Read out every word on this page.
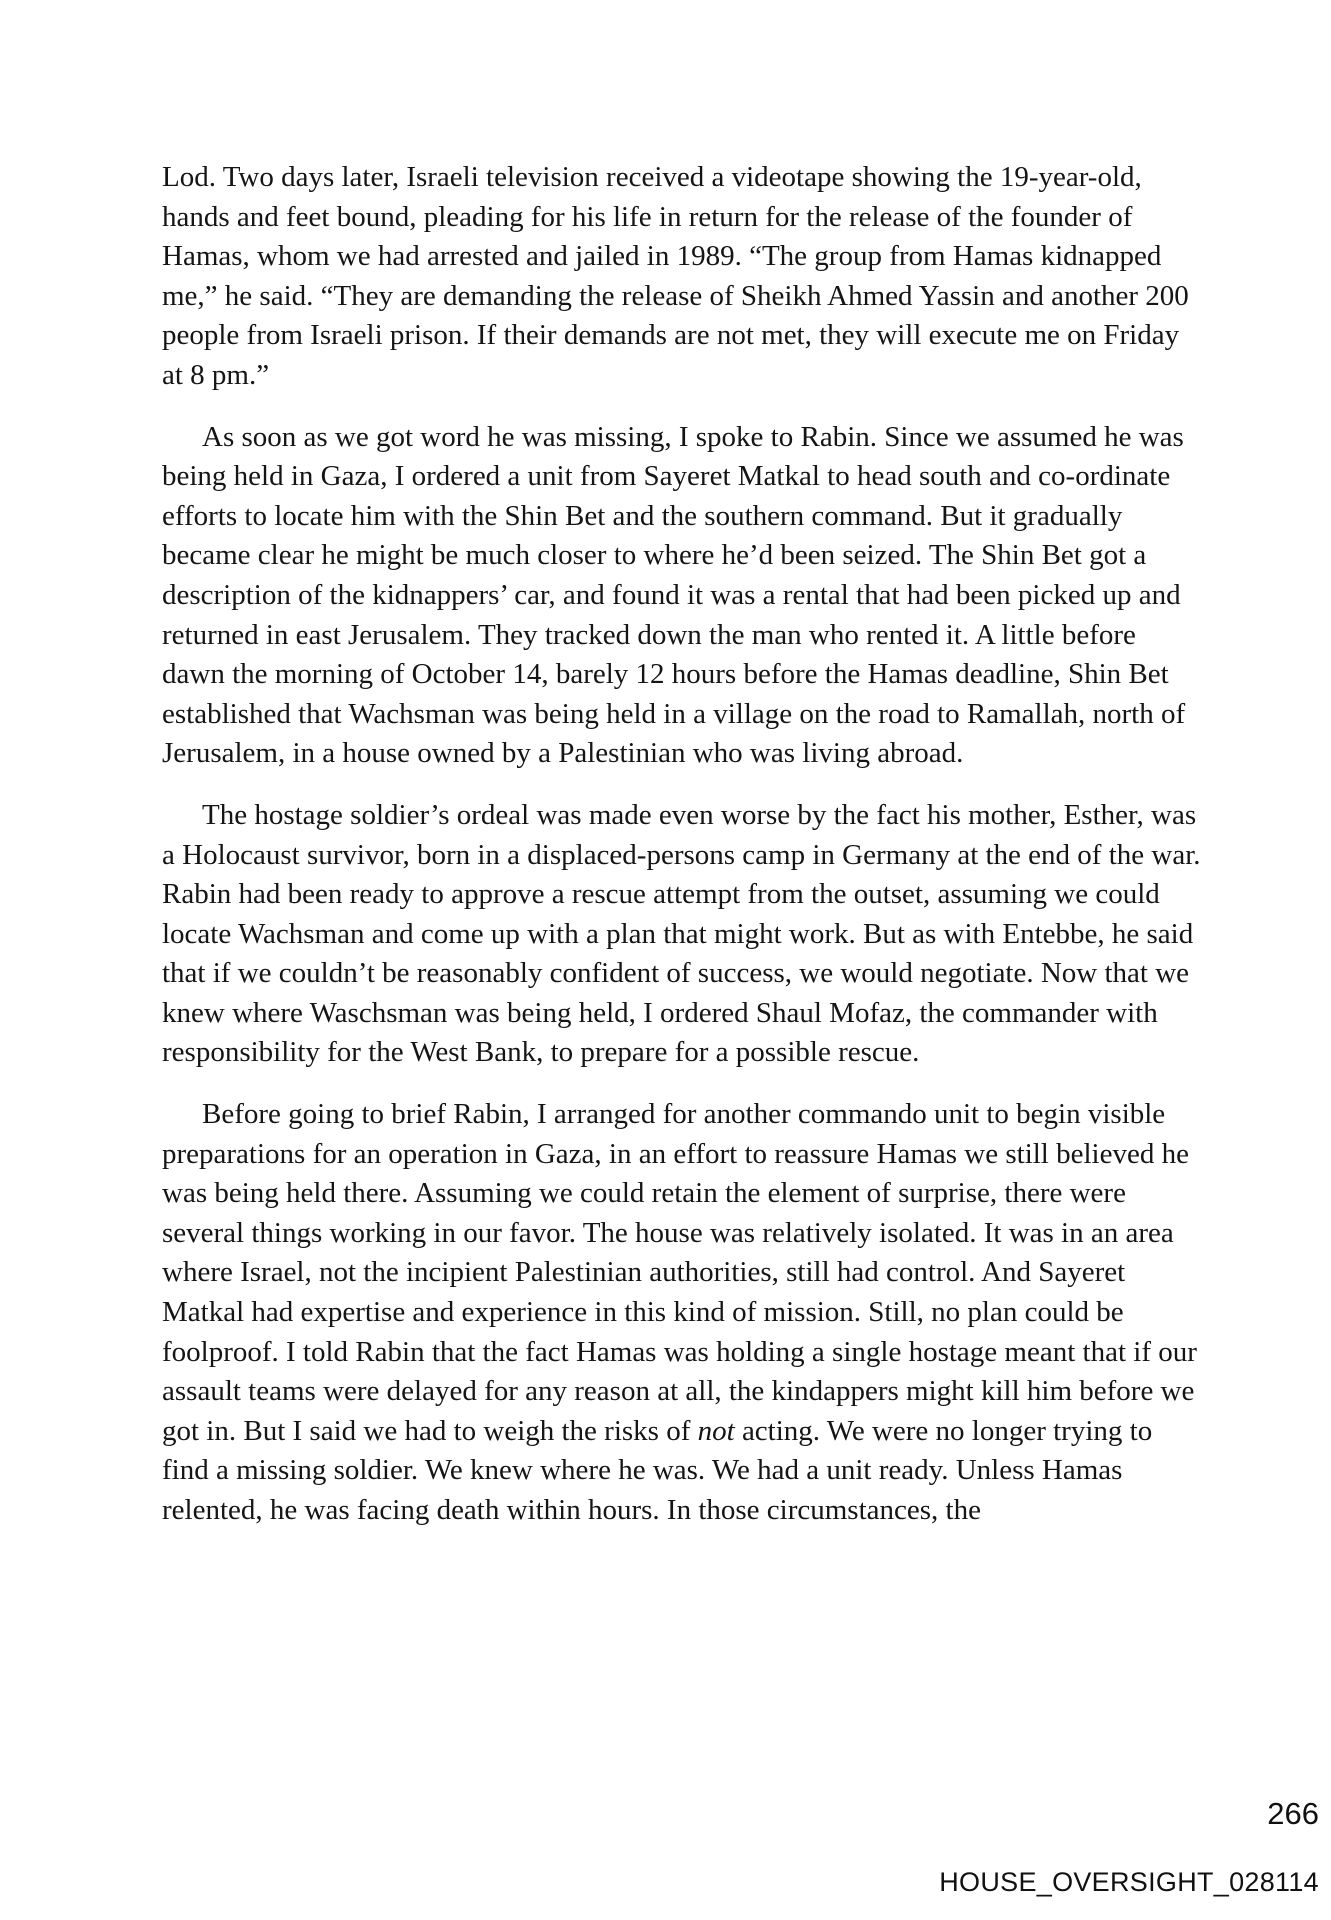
Lod. Two days later, Israeli television received a videotape showing the 19-year-old, hands and feet bound, pleading for his life in return for the release of the founder of Hamas, whom we had arrested and jailed in 1989. “The group from Hamas kidnapped me,” he said. “They are demanding the release of Sheikh Ahmed Yassin and another 200 people from Israeli prison. If their demands are not met, they will execute me on Friday at 8 pm.”

As soon as we got word he was missing, I spoke to Rabin. Since we assumed he was being held in Gaza, I ordered a unit from Sayeret Matkal to head south and co-ordinate efforts to locate him with the Shin Bet and the southern command. But it gradually became clear he might be much closer to where he’d been seized. The Shin Bet got a description of the kidnappers’ car, and found it was a rental that had been picked up and returned in east Jerusalem. They tracked down the man who rented it. A little before dawn the morning of October 14, barely 12 hours before the Hamas deadline, Shin Bet established that Wachsman was being held in a village on the road to Ramallah, north of Jerusalem, in a house owned by a Palestinian who was living abroad.

The hostage soldier’s ordeal was made even worse by the fact his mother, Esther, was a Holocaust survivor, born in a displaced-persons camp in Germany at the end of the war. Rabin had been ready to approve a rescue attempt from the outset, assuming we could locate Wachsman and come up with a plan that might work. But as with Entebbe, he said that if we couldn’t be reasonably confident of success, we would negotiate. Now that we knew where Waschsman was being held, I ordered Shaul Mofaz, the commander with responsibility for the West Bank, to prepare for a possible rescue.

Before going to brief Rabin, I arranged for another commando unit to begin visible preparations for an operation in Gaza, in an effort to reassure Hamas we still believed he was being held there. Assuming we could retain the element of surprise, there were several things working in our favor. The house was relatively isolated. It was in an area where Israel, not the incipient Palestinian authorities, still had control. And Sayeret Matkal had expertise and experience in this kind of mission. Still, no plan could be foolproof. I told Rabin that the fact Hamas was holding a single hostage meant that if our assault teams were delayed for any reason at all, the kindappers might kill him before we got in. But I said we had to weigh the risks of not acting. We were no longer trying to find a missing soldier. We knew where he was. We had a unit ready. Unless Hamas relented, he was facing death within hours. In those circumstances, the

266
HOUSE_OVERSIGHT_028114
